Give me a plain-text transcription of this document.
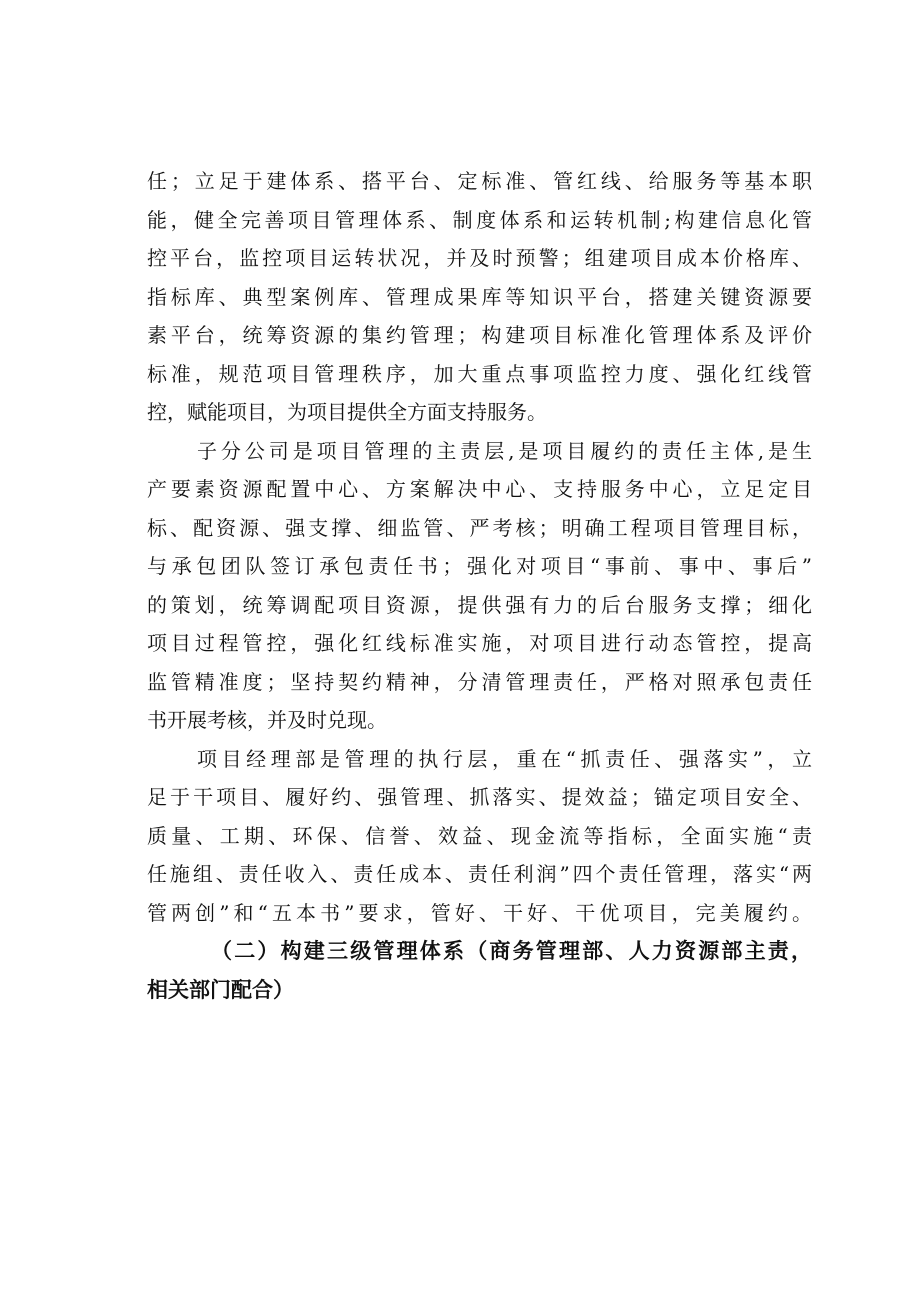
任；立足于建体系、搭平台、定标准、管红线、给服务等基本职
能，健全完善项目管理体系、制度体系和运转机制;构建信息化管
控平台，监控项目运转状况，并及时预警；组建项目成本价格库、
指标库、典型案例库、管理成果库等知识平台，搭建关键资源要
素平台，统筹资源的集约管理；构建项目标准化管理体系及评价
标准，规范项目管理秩序，加大重点事项监控力度、强化红线管
控，赋能项目，为项目提供全方面支持服务。
子分公司是项目管理的主责层,是项目履约的责任主体,是生
产要素资源配置中心、方案解决中心、支持服务中心，立足定目
标、配资源、强支撑、细监管、严考核；明确工程项目管理目标，
与承包团队签订承包责任书；强化对项目“事前、事中、事后”
的策划，统筹调配项目资源，提供强有力的后台服务支撑；细化
项目过程管控，强化红线标准实施，对项目进行动态管控，提高
监管精准度；坚持契约精神，分清管理责任，严格对照承包责任
书开展考核，并及时兑现。
项目经理部是管理的执行层，重在“抓责任、强落实”，立
足于干项目、履好约、强管理、抓落实、提效益；锚定项目安全、
质量、工期、环保、信誉、效益、现金流等指标，全面实施“责
任施组、责任收入、责任成本、责任利润”四个责任管理，落实“两
管两创”和“五本书”要求，管好、干好、干优项目，完美履约。
（二）构建三级管理体系（商务管理部、人力资源部主责，
相关部门配合）
